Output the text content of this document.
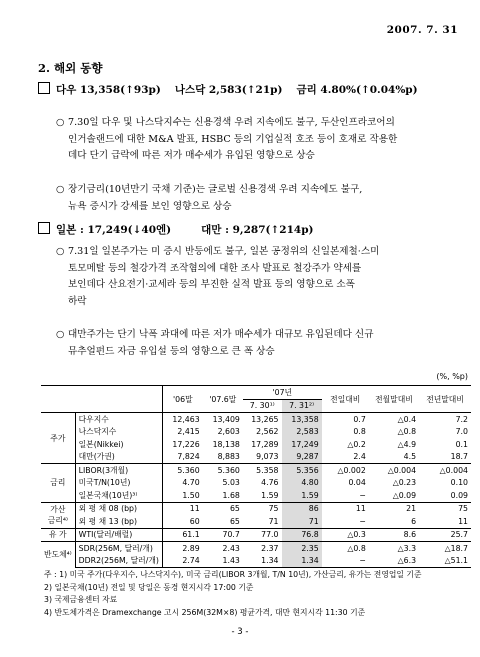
2007. 7. 31
2. 해외 동향
다우 13,358(↑93p) 나스닥 2,583(↑21p) 금리 4.80%(↑0.04%p)
○ 7.30일 다우 및 나스닥지수는 신용경색 우려 지속에도 불구, 두산인프라코어의

인거솔랜드에 대한 M&A 발표, HSBC 등의 기업실적 호조 등이 호재로 작용한

데다 단기 급락에 따른 저가 매수세가 유입된 영향으로 상승

○ 장기금리(10년만기 국채 기준)는 글로벌 신용경색 우려 지속에도 불구,

뉴욕 증시가 강세를 보인 영향으로 상승

일본 : 17,249(↓40엔)	대만 : 9,287(↑214p)
○ 7.31일 일본주가는 미 증시 반등에도 불구, 일본 공정위의 신일본제철·스미

토모메탈 등의 철강가격 조작혐의에 대한 조사 발표로 철강주가 약세를

보인데다 산요전기·교세라 등의 부진한 실적 발표 등의 영향으로 소폭

하락

○ 대만주가는 단기 낙폭 과대에 따른 저가 매수세가 대규모 유입된데다 신규

뮤추얼펀드 자금 유입설 등의 영향으로 큰 폭 상승

(%, %p)
		'06말	'07.6말	'07년		전일대비	전월말대비	전년말대비
				7. 30¹⁾	7. 31²⁾			
주가	다우지수	12,463	13,409	13,265	13,358	0.7	△0.4	7.2
	나스닥지수	2,415	2,603	2,562	2,583	0.8	△0.8	7.0
	일본(Nikkei)	17,226	18,138	17,289	17,249	△0.2	△4.9	0.1
	대만(가권)	7,824	8,883	9,073	9,287	2.4	4.5	18.7
금리	LIBOR(3개월)	5.360	5.360	5.358	5.356	△0.002	△0.004	△0.004
	미국T/N(10년)	4.70	5.03	4.76	4.80	0.04	△0.23	0.10
	일본국채(10년)³⁾	1.50	1.68	1.59	1.59	−	△0.09	0.09

가산
금리⁴⁾	외 평 채 08 (bp)	11	65	75	86	11	21	75
	외 평 채 13 (bp)	60	65	71	71	−	6	11
유 가	WTI(달러/배럴)	61.1	70.7	77.0	76.8	△0.3	8.6	25.7
반도체⁴⁾	SDR(256M, 달러/개)	2.89	2.43	2.37	2.35	△0.8	△3.3	△18.7
	DDR2(256M, 달러/개)	2.74	1.43	1.34	1.34	−	△6.3	△51.1

주 : 1) 미국 주가(다우지수, 나스닥지수), 미국 금리(LIBOR 3개월, T/N 10년), 가산금리, 유가는 전영업일 기준

2) 일본국채(10년) 전일 및 당일은 동경 현지시각 17:00 기준

3) 국제금융센터 자료

4) 반도체가격은 Dramexchange 고시 256M(32M×8) 평균가격, 대만 현지시각 11:30 기준

- 3 -
